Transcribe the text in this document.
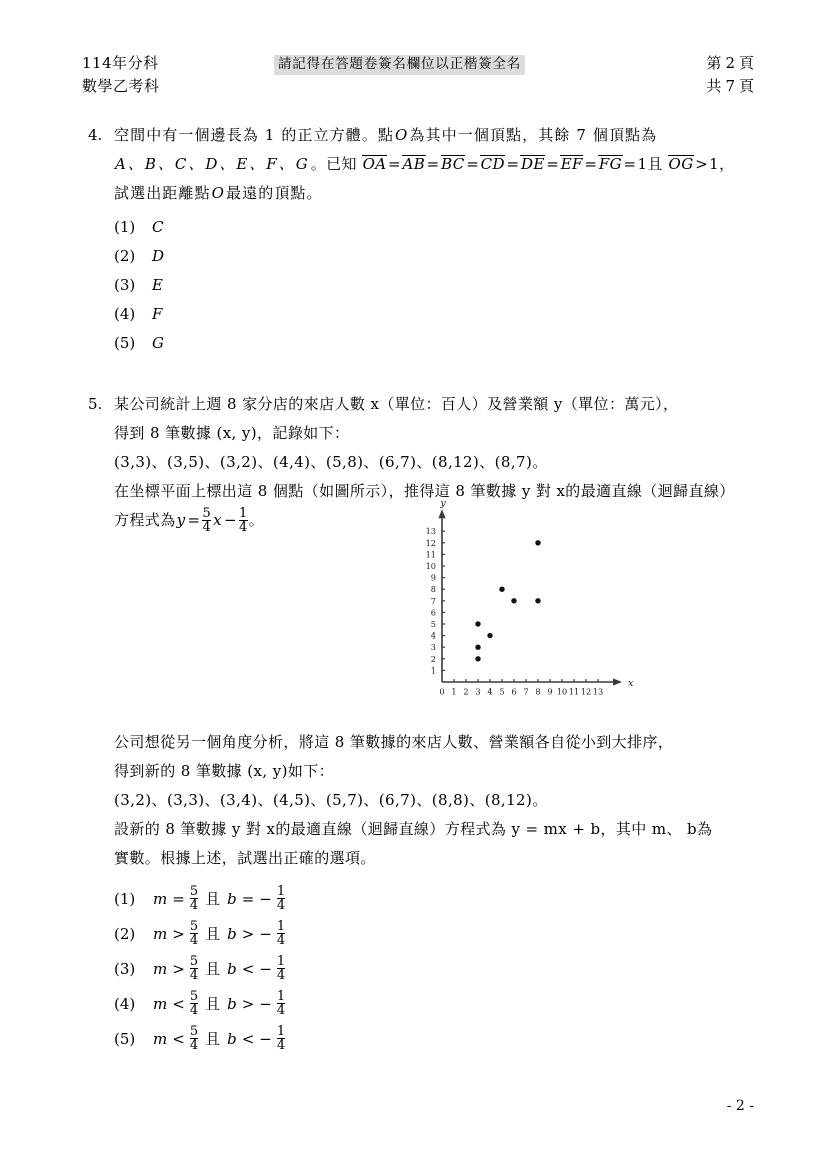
114年分科
數學乙考科
請記得在答題卷簽名欄位以正楷簽全名	第 2 頁
共 7 頁
4. 空間中有一個邊長為 1 的正立方體。點O為其中一個頂點，其餘 7 個頂點為
A、B、C、D、E、F、G。已知 OA = AB = BC = CD = DE = EF = FG =1且 OG >1，
試選出距離點O最遠的頂點。
(1)	C
(2)	D
(3)	E
(4)	F
(5)	G
5. 某公司統計上週 8 家分店的來店人數 x（單位：百人）及營業額 y（單位：萬元），
得到 8 筆數據 (x, y)，記錄如下：
(3,3)、(3,5)、(3,2)、(4,4)、(5,8)、(6,7)、(8,12)、(8,7)。
在坐標平面上標出這 8 個點（如圖所示），推得這 8 筆數據 y 對 x的最適直線（迴歸直線）
方程式為 $y = \frac{5}{4}$ $x - \frac{1}{4}$ 。
0 1 2 3 4 5 6 7 8 9 10 11 12 13
1
2
3
4
5
6
7
8
9
10
11
12
13
x
y
公司想從另一個角度分析，將這 8 筆數據的來店人數、營業額各自從小到大排序，
得到新的 8 筆數據 (x, y)如下：
(3,2)、(3,3)、(3,4)、(4,5)、(5,7)、(6,7)、(8,8)、(8,12)。
設新的 8 筆數據 y 對 x的最適直線（迴歸直線）方程式為 y = mx + b，其中 m、 b為
實數。根據上述，試選出正確的選項。
(1)	$m = \frac{5}{4}$ 且 b = − $\frac{1}{4}$
(2)	$m > \frac{5}{4}$ 且 b > − $\frac{1}{4}$
(3)	$m > \frac{5}{4}$ 且 b < − $\frac{1}{4}$
(4)	$m < \frac{5}{4}$ 且 b > − $\frac{1}{4}$
(5)	$m < \frac{5}{4}$ 且 b < − $\frac{1}{4}$
- 2 -
